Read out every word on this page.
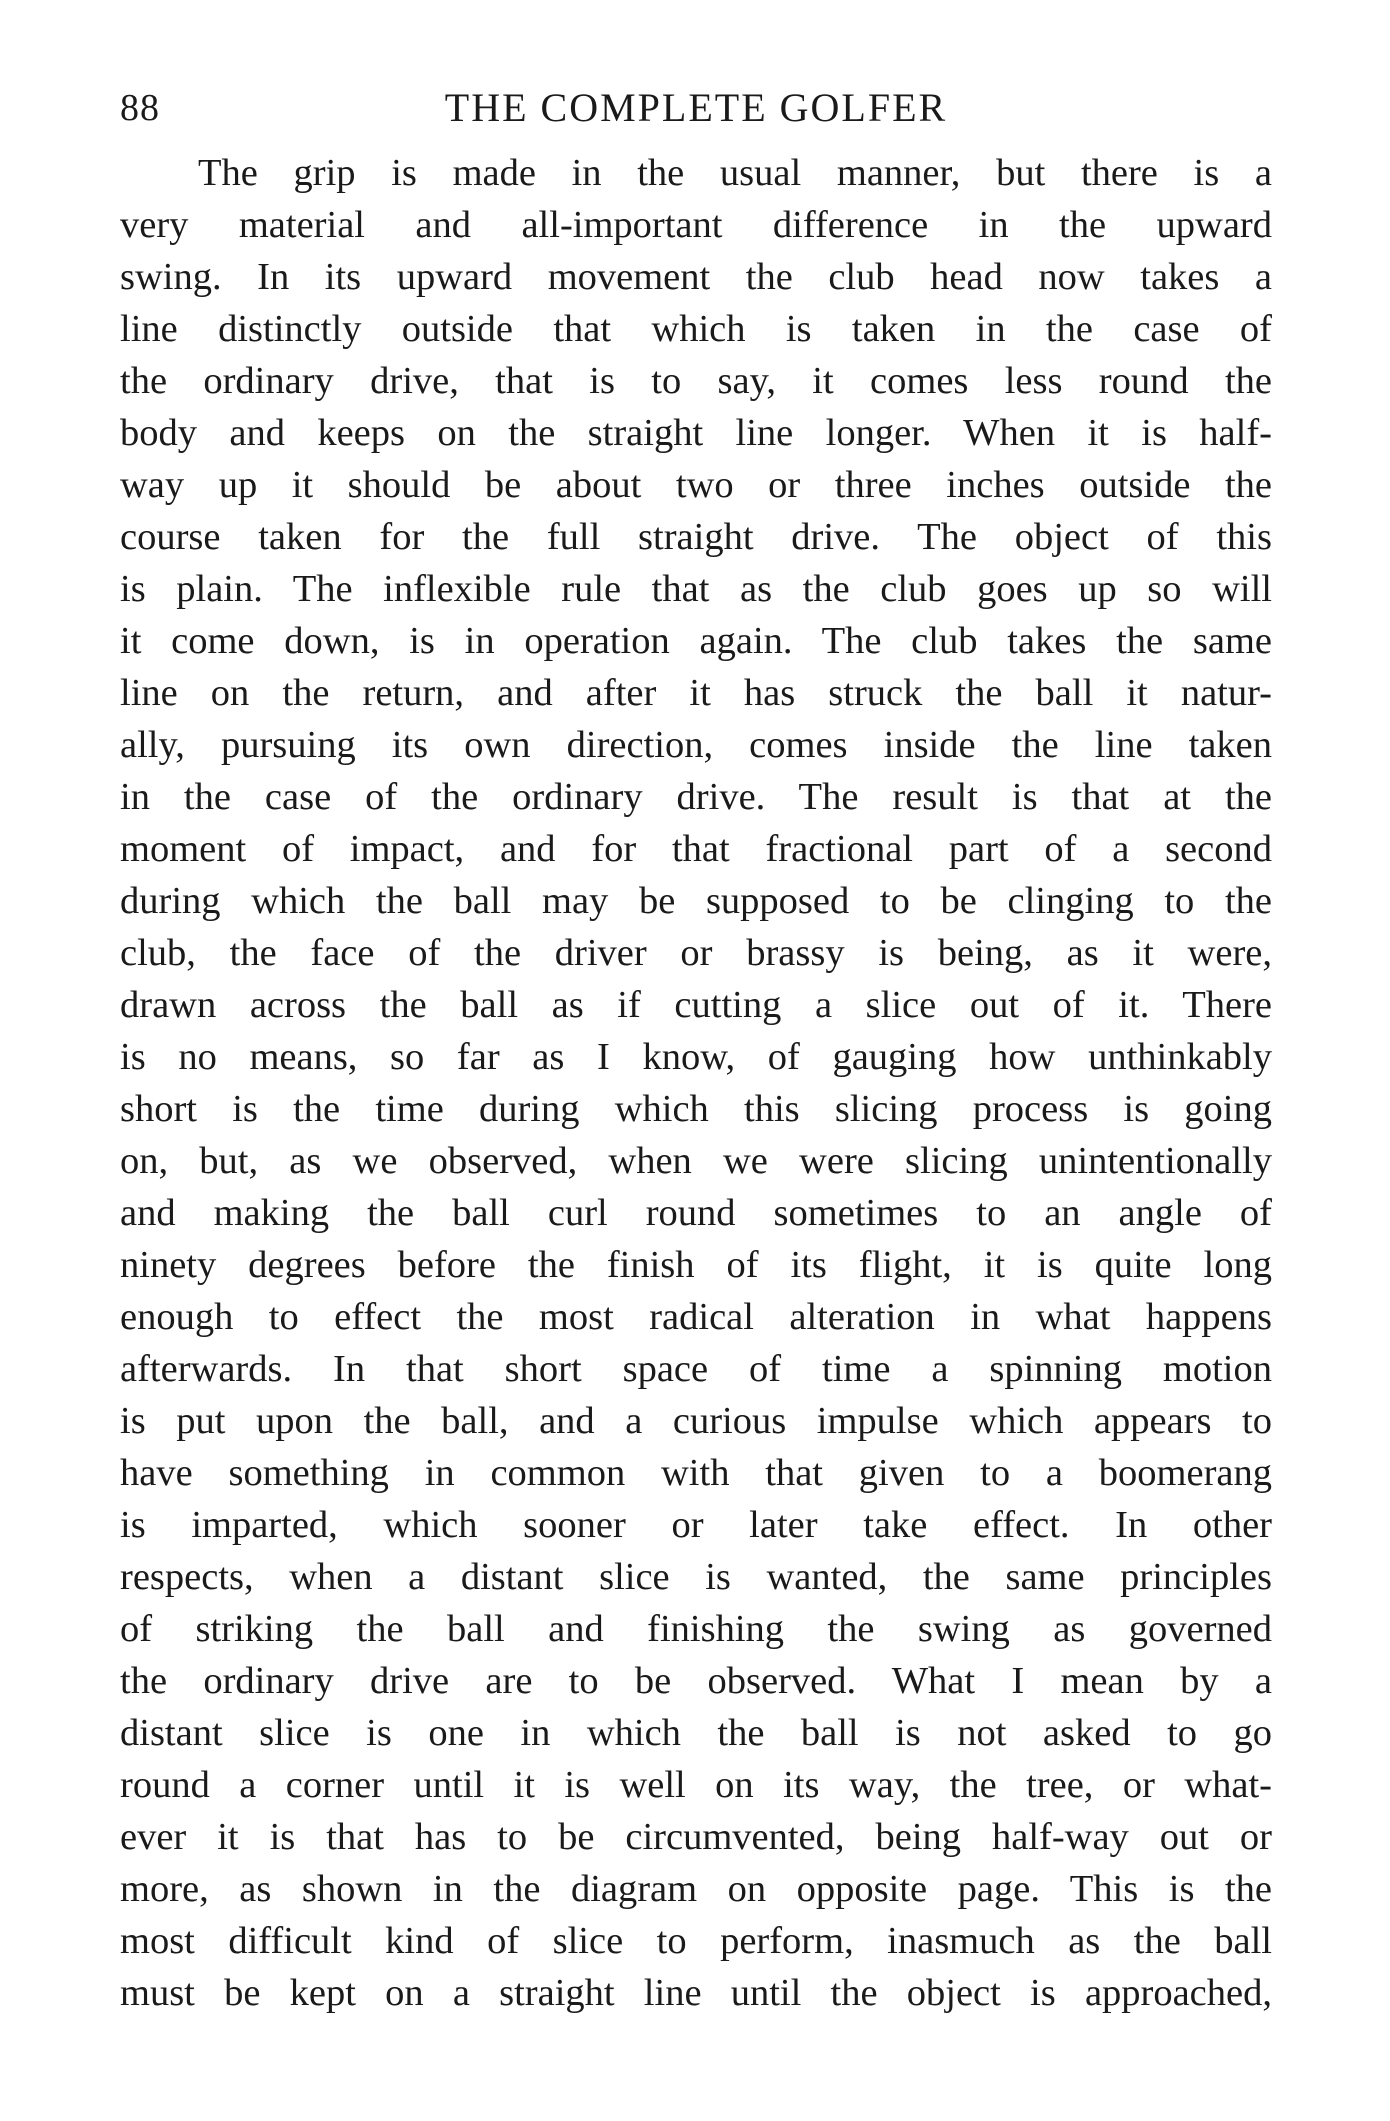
88	THE COMPLETE GOLFER
The grip is made in the usual manner, but there is a
very material and all-important difference in the upward
swing. In its upward movement the club head now takes a
line distinctly outside that which is taken in the case of
the ordinary drive, that is to say, it comes less round the
body and keeps on the straight line longer. When it is half-
way up it should be about two or three inches outside the
course taken for the full straight drive. The object of this
is plain. The inflexible rule that as the club goes up so will
it come down, is in operation again. The club takes the same
line on the return, and after it has struck the ball it natur-
ally, pursuing its own direction, comes inside the line taken
in the case of the ordinary drive. The result is that at the
moment of impact, and for that fractional part of a second
during which the ball may be supposed to be clinging to the
club, the face of the driver or brassy is being, as it were,
drawn across the ball as if cutting a slice out of it. There
is no means, so far as I know, of gauging how unthinkably
short is the time during which this slicing process is going
on, but, as we observed, when we were slicing unintentionally
and making the ball curl round sometimes to an angle of
ninety degrees before the finish of its flight, it is quite long
enough to effect the most radical alteration in what happens
afterwards. In that short space of time a spinning motion
is put upon the ball, and a curious impulse which appears to
have something in common with that given to a boomerang
is imparted, which sooner or later take effect. In other
respects, when a distant slice is wanted, the same principles
of striking the ball and finishing the swing as governed
the ordinary drive are to be observed. What I mean by a
distant slice is one in which the ball is not asked to go
round a corner until it is well on its way, the tree, or what-
ever it is that has to be circumvented, being half-way out or
more, as shown in the diagram on opposite page. This is the
most difficult kind of slice to perform, inasmuch as the ball
must be kept on a straight line until the object is approached,
